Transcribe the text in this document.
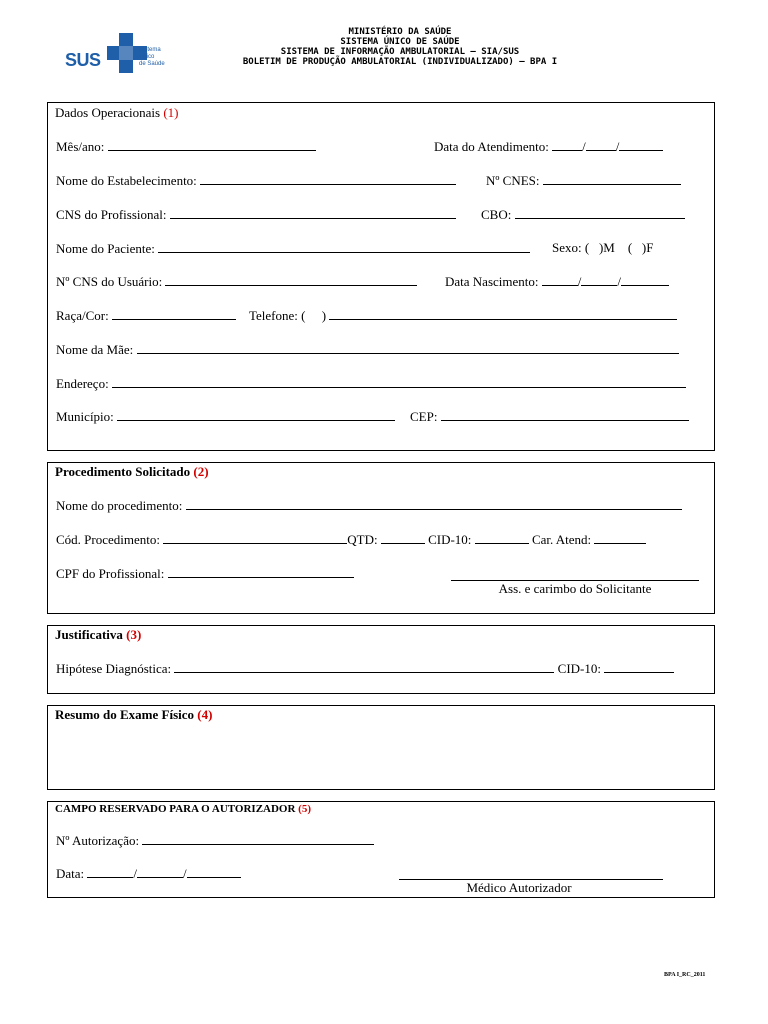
SUS	Sistema
Único
de Saúde
MINISTÉRIO DA SAÚDE
SISTEMA ÚNICO DE SAÚDE
SISTEMA DE INFORMAÇÃO AMBULATORIAL – SIA/SUS
BOLETIM DE PRODUÇÃO AMBULATORIAL (INDIVIDUALIZADO) – BPA I
Dados Operacionais (1)
Mês/ano:	Data do Atendimento:	/ /
Nome do Estabelecimento:	Nº CNES:
CNS do Profissional:	CBO:
Nome do Paciente:	Sexo: (   )M    (   )F
Nº CNS do Usuário:	Data Nascimento:	/	/
Raça/Cor:	Telefone: (     )
Nome da Mãe:
Endereço:
Município:	CEP:
Procedimento Solicitado (2)
Nome do procedimento:
Cód. Procedimento:	QTD:	CID-10:	Car. Atend:
CPF do Profissional:
Ass. e carimbo do Solicitante
Justificativa (3)
Hipótese Diagnóstica:	CID-10:
Resumo do Exame Físico (4)
CAMPO RESERVADO PARA O AUTORIZADOR (5)
Nº Autorização:
Data:	/	/
Médico Autorizador
BPA I_RC_2011
